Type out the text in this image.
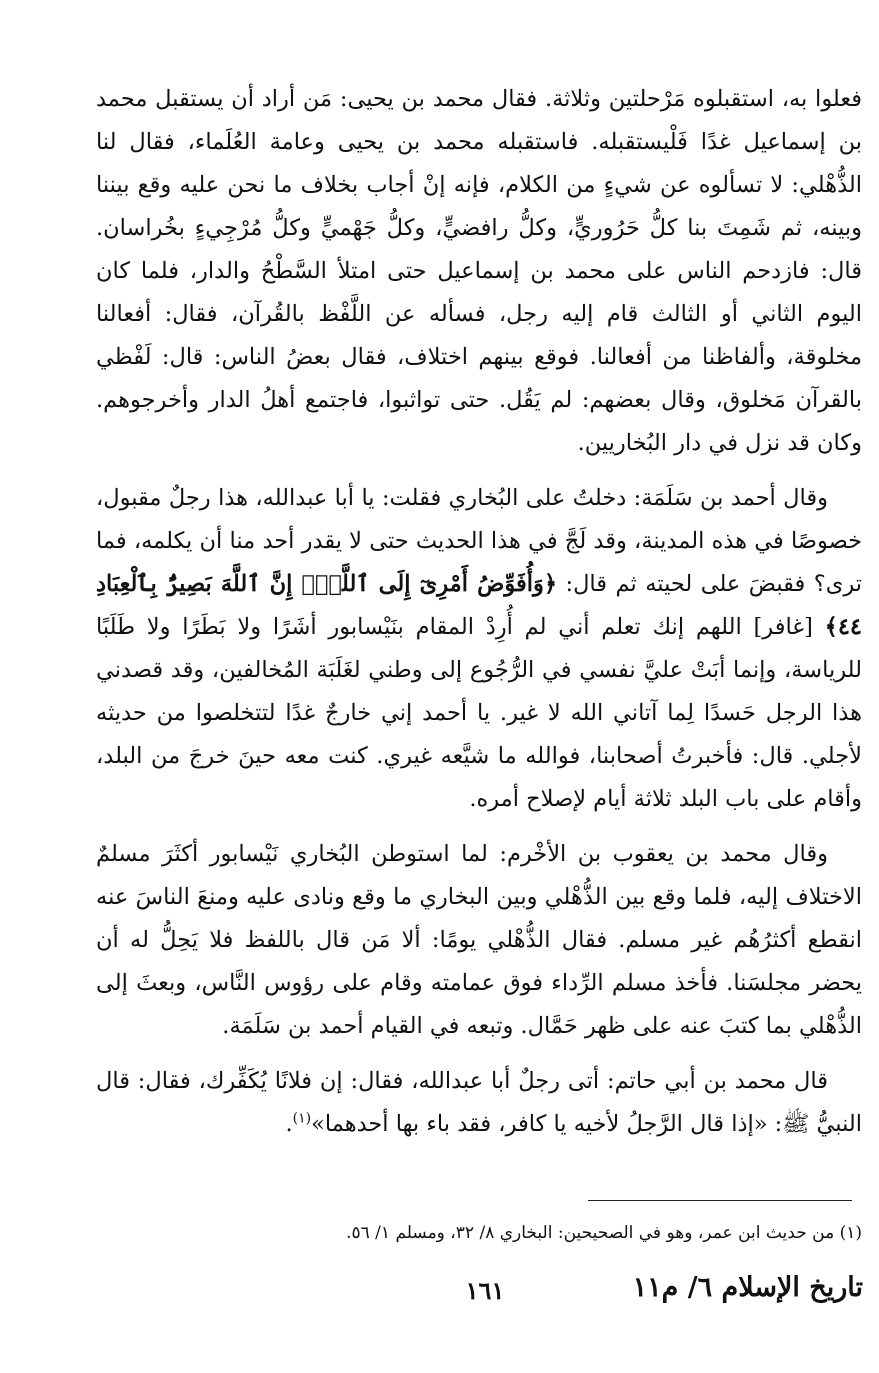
فعلوا به، استقبلوه مَرْحلتين وثلاثة. فقال محمد بن يحيى: مَن أراد أن يستقبل محمد بن إسماعيل غدًا فَلْيستقبله. فاستقبله محمد بن يحيى وعامة العُلَماء، فقال لنا الذُّهْلي: لا تسألوه عن شيءٍ من الكلام، فإنه إنْ أجاب بخلاف ما نحن عليه وقع بيننا وبينه، ثم شَمِتَ بنا كلُّ حَرُوريٍّ، وكلُّ رافضيٍّ، وكلُّ جَهْميٍّ وكلُّ مُرْجِيءٍ بخُراسان. قال: فازدحم الناس على محمد بن إسماعيل حتى امتلأ السَّطْحُ والدار، فلما كان اليوم الثاني أو الثالث قام إليه رجل، فسأله عن اللَّفْظ بالقُرآن، فقال: أفعالنا مخلوقة، وألفاظنا من أفعالنا. فوقع بينهم اختلاف، فقال بعضُ الناس: قال: لَفْظي بالقرآن مَخلوق، وقال بعضهم: لم يَقُل. حتى تواثبوا، فاجتمع أهلُ الدار وأخرجوهم. وكان قد نزل في دار البُخاريين.

وقال أحمد بن سَلَمَة: دخلتُ على البُخاري فقلت: يا أبا عبدالله، هذا رجلٌ مقبول، خصوصًا في هذه المدينة، وقد لَجَّ في هذا الحديث حتى لا يقدر أحد منا أن يكلمه، فما ترى؟ فقبضَ على لحيته ثم قال: ﴿وَأُفَوِّضُ أَمْرِىٓ إِلَى ٱللَّهِۚ إِنَّ ٱللَّهَ بَصِيرٌۢ بِٱلْعِبَادِ ٤٤﴾ [غافر] اللهم إنك تعلم أني لم أُرِدْ المقام بنَيْسابور أشَرًا ولا بَطَرًا ولا طَلَبًا للرياسة، وإنما أبَتْ عليَّ نفسي في الرُّجُوع إلى وطني لغَلَبَة المُخالفين، وقد قصدني هذا الرجل حَسدًا لِما آتاني الله لا غير. يا أحمد إني خارجٌ غدًا لتتخلصوا من حديثه لأجلي. قال: فأخبرتُ أصحابنا، فوالله ما شيَّعه غيري. كنت معه حينَ خرجَ من البلد، وأقام على باب البلد ثلاثة أيام لإصلاح أمره.

وقال محمد بن يعقوب بن الأخْرم: لما استوطن البُخاري نَيْسابور أكثَرَ مسلمٌ الاختلاف إليه، فلما وقع بين الذُّهْلي وبين البخاري ما وقع ونادى عليه ومنعَ الناسَ عنه انقطع أكثرُهُم غير مسلم. فقال الذُّهْلي يومًا: ألا مَن قال باللفظ فلا يَحِلُّ له أن يحضر مجلسَنا. فأخذ مسلم الرِّداء فوق عمامته وقام على رؤوس النَّاس، وبعثَ إلى الذُّهْلي بما كتبَ عنه على ظهر حَمَّال. وتبعه في القيام أحمد بن سَلَمَة.

قال محمد بن أبي حاتم: أتى رجلٌ أبا عبدالله، فقال: إن فلانًا يُكَفِّرك، فقال: قال النبيُّ ﷺ: «إذا قال الرَّجلُ لأخيه يا كافر، فقد باء بها أحدهما»$^{(١)}$.

(١) من حديث ابن عمر، وهو في الصحيحين: البخاري ٨/ ٣٢، ومسلم ١/ ٥٦.
١٦١	تاريخ الإسلام ٦/ م١١
